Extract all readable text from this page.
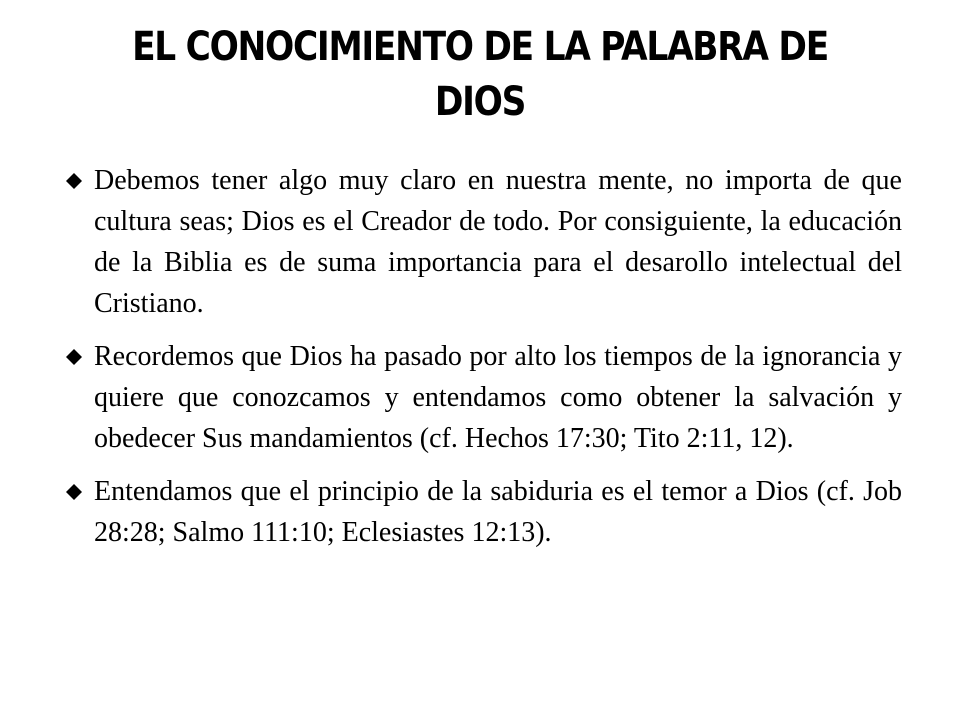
EL CONOCIMIENTO DE LA PALABRA DE DIOS
Debemos tener algo muy claro en nuestra mente, no importa de que cultura seas; Dios es el Creador de todo. Por consiguiente, la educación de la Biblia es de suma importancia para el desarollo intelectual del Cristiano.
Recordemos que Dios ha pasado por alto los tiempos de la ignorancia y quiere que conozcamos y entendamos como obtener la salvación y obedecer Sus mandamientos (cf. Hechos 17:30; Tito 2:11, 12).
Entendamos que el principio de la sabiduria es el temor a Dios (cf. Job 28:28; Salmo 111:10; Eclesiastes 12:13).
